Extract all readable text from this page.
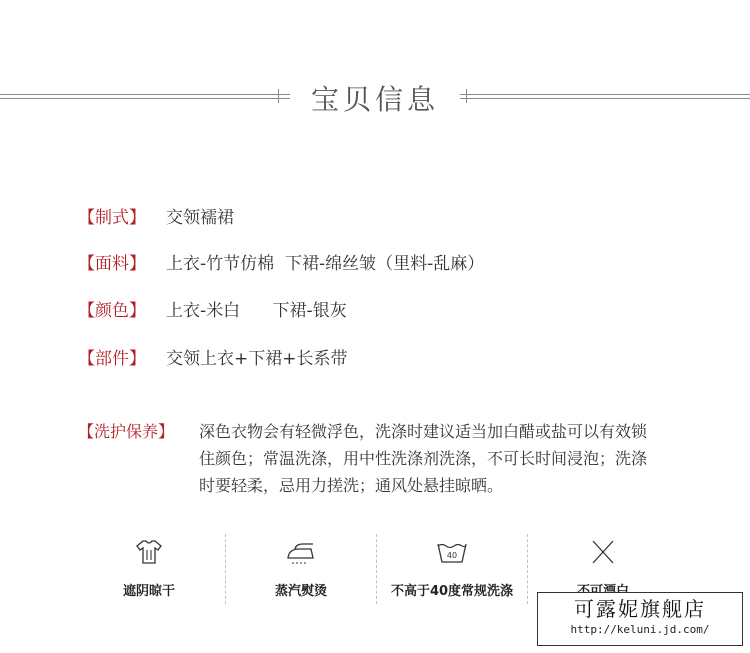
宝贝信息
【制式】 交领襦裙
【面料】 上衣-竹节仿棉  下裙-绵丝皱（里料-乱麻）
【颜色】 上衣-米白      下裙-银灰
【部件】 交领上衣+下裙+长系带
【洗护保养】 深色衣物会有轻微浮色，洗涤时建议适当加白醋或盐可以有效锁
住颜色；常温洗涤，用中性洗涤剂洗涤，不可长时间浸泡；洗涤
时要轻柔，忌用力搓洗；通风处悬挂晾晒。
遮阴晾干	蒸汽熨烫
40
不高于40度常规洗涤
可露妮旗舰店
http://keluni.jd.com/
